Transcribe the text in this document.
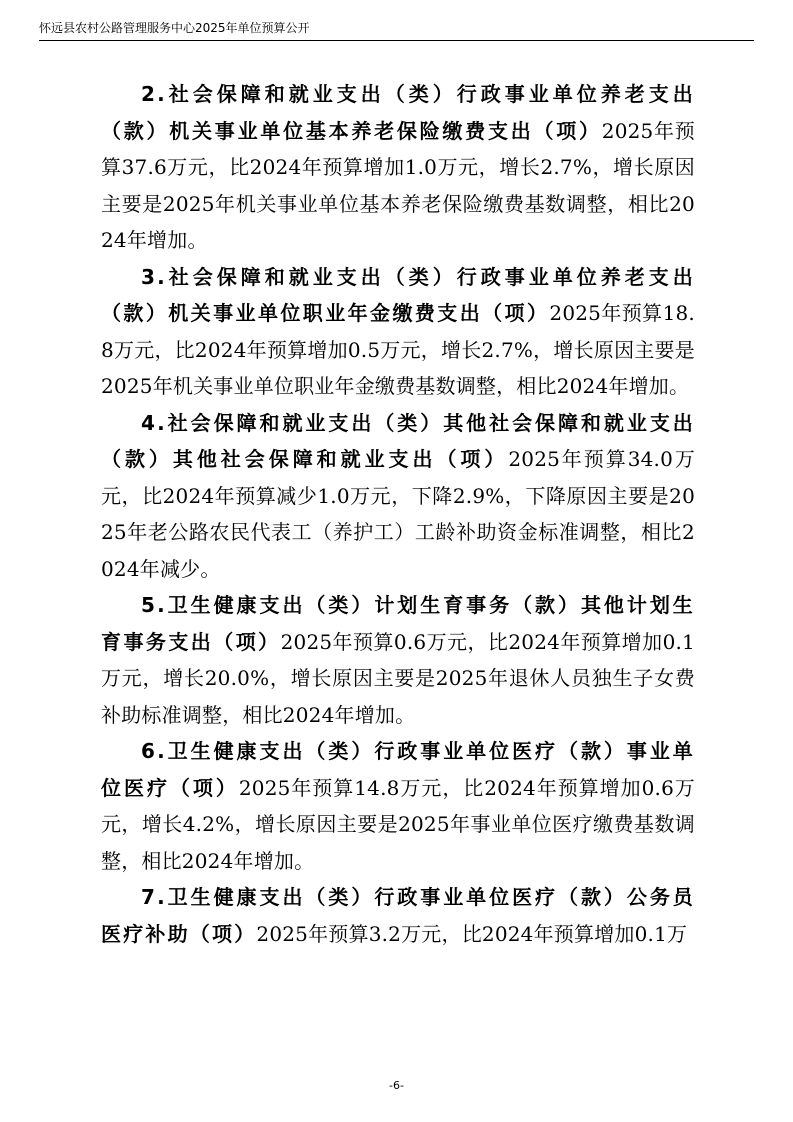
怀远县农村公路管理服务中心2025年单位预算公开

2.社会保障和就业支出（类）行政事业单位养老支出（款）机关事业单位基本养老保险缴费支出（项）2025年预算37.6万元，比2024年预算增加1.0万元，增长2.7%，增长原因主要是2025年机关事业单位基本养老保险缴费基数调整，相比2024年增加。

3.社会保障和就业支出（类）行政事业单位养老支出（款）机关事业单位职业年金缴费支出（项）2025年预算18.8万元，比2024年预算增加0.5万元，增长2.7%，增长原因主要是2025年机关事业单位职业年金缴费基数调整，相比2024年增加。

4.社会保障和就业支出（类）其他社会保障和就业支出（款）其他社会保障和就业支出（项）2025年预算34.0万元，比2024年预算减少1.0万元，下降2.9%，下降原因主要是2025年老公路农民代表工（养护工）工龄补助资金标准调整，相比2024年减少。

5.卫生健康支出（类）计划生育事务（款）其他计划生育事务支出（项）2025年预算0.6万元，比2024年预算增加0.1万元，增长20.0%，增长原因主要是2025年退休人员独生子女费补助标准调整，相比2024年增加。

6.卫生健康支出（类）行政事业单位医疗（款）事业单位医疗（项）2025年预算14.8万元，比2024年预算增加0.6万元，增长4.2%，增长原因主要是2025年事业单位医疗缴费基数调整，相比2024年增加。

7.卫生健康支出（类）行政事业单位医疗（款）公务员医疗补助（项）2025年预算3.2万元，比2024年预算增加0.1万

-6-
